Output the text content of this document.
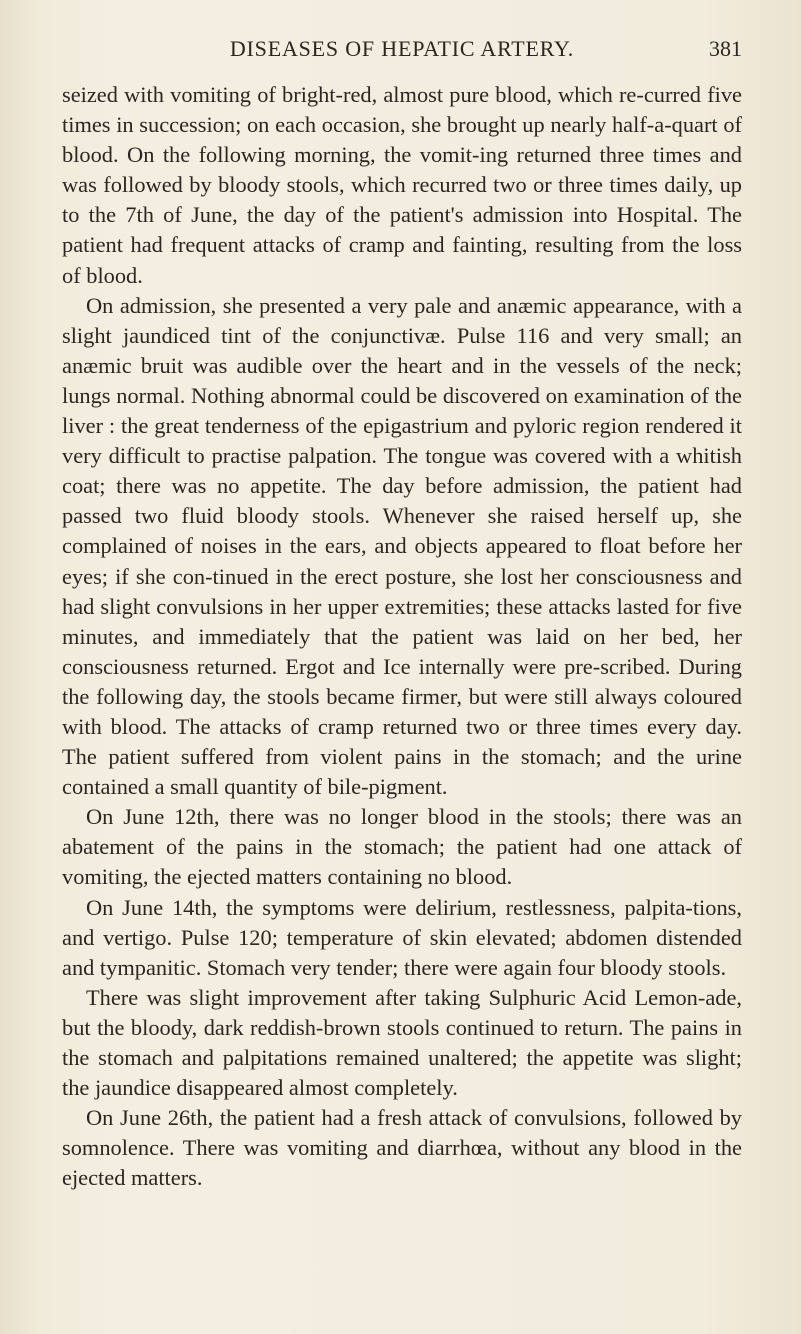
DISEASES OF HEPATIC ARTERY.	381

seized with vomiting of bright-red, almost pure blood, which re-curred five times in succession; on each occasion, she brought up nearly half-a-quart of blood. On the following morning, the vomit-ing returned three times and was followed by bloody stools, which recurred two or three times daily, up to the 7th of June, the day of the patient's admission into Hospital. The patient had frequent attacks of cramp and fainting, resulting from the loss of blood.

On admission, she presented a very pale and anæmic appearance, with a slight jaundiced tint of the conjunctivæ. Pulse 116 and very small; an anæmic bruit was audible over the heart and in the vessels of the neck; lungs normal. Nothing abnormal could be discovered on examination of the liver : the great tenderness of the epigastrium and pyloric region rendered it very difficult to practise palpation. The tongue was covered with a whitish coat; there was no appetite. The day before admission, the patient had passed two fluid bloody stools. Whenever she raised herself up, she complained of noises in the ears, and objects appeared to float before her eyes; if she con-tinued in the erect posture, she lost her consciousness and had slight convulsions in her upper extremities; these attacks lasted for five minutes, and immediately that the patient was laid on her bed, her consciousness returned. Ergot and Ice internally were pre-scribed. During the following day, the stools became firmer, but were still always coloured with blood. The attacks of cramp returned two or three times every day. The patient suffered from violent pains in the stomach; and the urine contained a small quantity of bile-pigment.

On June 12th, there was no longer blood in the stools; there was an abatement of the pains in the stomach; the patient had one attack of vomiting, the ejected matters containing no blood.

On June 14th, the symptoms were delirium, restlessness, palpita-tions, and vertigo. Pulse 120; temperature of skin elevated; abdomen distended and tympanitic. Stomach very tender; there were again four bloody stools.

There was slight improvement after taking Sulphuric Acid Lemon-ade, but the bloody, dark reddish-brown stools continued to return. The pains in the stomach and palpitations remained unaltered; the appetite was slight; the jaundice disappeared almost completely.

On June 26th, the patient had a fresh attack of convulsions, followed by somnolence. There was vomiting and diarrhœa, without any blood in the ejected matters.
